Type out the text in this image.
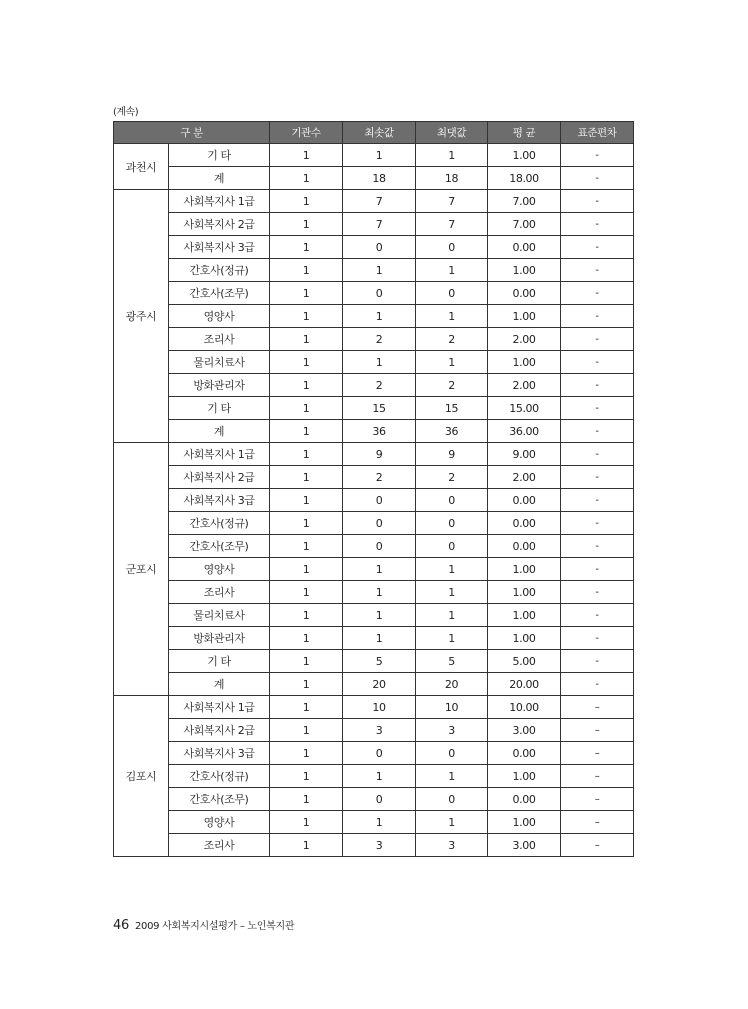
(계속)
구 분		기관수	최솟값	최댓값	평 균	표준편차
과천시	기 타	1	1	1	1.00	-
	계	1	18	18	18.00	-
광주시	사회복지사 1급	1	7	7	7.00	-
	사회복지사 2급	1	7	7	7.00	-
	사회복지사 3급	1	0	0	0.00	-
	간호사(정규)	1	1	1	1.00	-
	간호사(조무)	1	0	0	0.00	-
	영양사	1	1	1	1.00	-
	조리사	1	2	2	2.00	-
	물리치료사	1	1	1	1.00	-
	방화관리자	1	2	2	2.00	-
	기 타	1	15	15	15.00	-
	계	1	36	36	36.00	-
군포시	사회복지사 1급	1	9	9	9.00	-
	사회복지사 2급	1	2	2	2.00	-
	사회복지사 3급	1	0	0	0.00	-
	간호사(정규)	1	0	0	0.00	-
	간호사(조무)	1	0	0	0.00	-
	영양사	1	1	1	1.00	-
	조리사	1	1	1	1.00	-
	물리치료사	1	1	1	1.00	-
	방화관리자	1	1	1	1.00	-
	기 타	1	5	5	5.00	-
	계	1	20	20	20.00	-
김포시	사회복지사 1급	1	10	10	10.00	–
	사회복지사 2급	1	3	3	3.00	–
	사회복지사 3급	1	0	0	0.00	–
	간호사(정규)	1	1	1	1.00	–
	간호사(조무)	1	0	0	0.00	–
	영양사	1	1	1	1.00	–
	조리사	1	3	3	3.00	–
46 2009 사회복지시설평가 – 노인복지관
